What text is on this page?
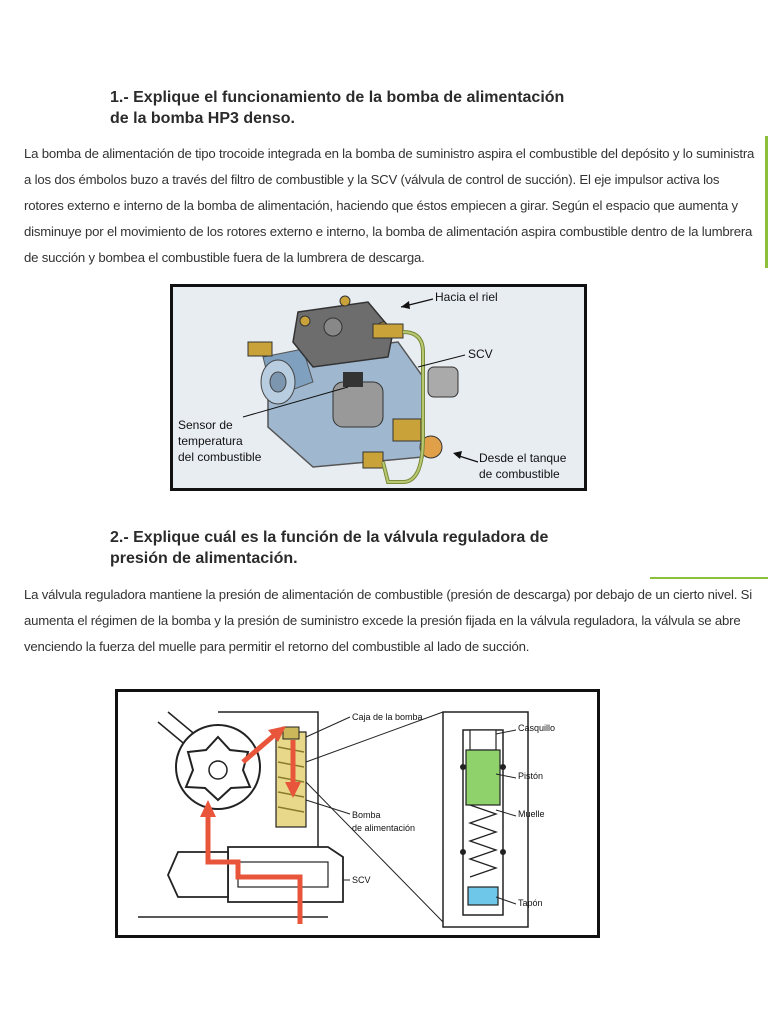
1.- Explique el funcionamiento de la bomba de alimentación
de la bomba HP3 denso.

La bomba de alimentación de tipo trocoide integrada en la bomba de suministro aspira el combustible del depósito y lo suministra a los dos émbolos buzo a través del filtro de combustible y la SCV (válvula de control de succión). El eje impulsor activa los rotores externo e interno de la bomba de alimentación, haciendo que éstos empiecen a girar. Según el espacio que aumenta y disminuye por el movimiento de los rotores externo e interno, la bomba de alimentación aspira combustible dentro de la lumbrera de succión y bombea el combustible fuera de la lumbrera de descarga.

Hacia el riel
SCV
Sensor de
temperatura
del combustible	Desde el tanque
de combustible
2.- Explique cuál es la función de la válvula reguladora de
presión de alimentación.

La válvula reguladora mantiene la presión de alimentación de combustible (presión de descarga) por debajo de un cierto nivel. Si aumenta el régimen de la bomba y la presión de suministro excede la presión fijada en la válvula reguladora, la válvula se abre venciendo la fuerza del muelle para permitir el retorno del combustible al lado de succión.

Caja de la bomba
Bomba
de alimentación
SCV
Casquillo
Pistón
Muelle
Tapón
